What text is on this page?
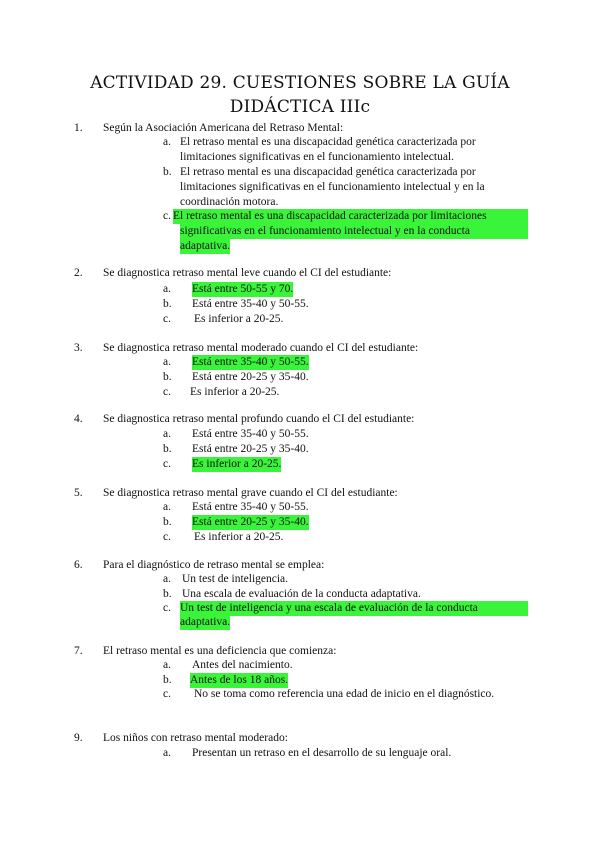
ACTIVIDAD 29. CUESTIONES SOBRE LA GUÍA
DIDÁCTICA IIIc
1. Según la Asociación Americana del Retraso Mental:
a. El retraso mental es una discapacidad genética caracterizada por
limitaciones significativas en el funcionamiento intelectual.
b. El retraso mental es una discapacidad genética caracterizada por
limitaciones significativas en el funcionamiento intelectual y en la
coordinación motora.
c. El retraso mental es una discapacidad caracterizada por limitaciones
significativas en el funcionamiento intelectual y en la conducta
adaptativa.
2. Se diagnostica retraso mental leve cuando el CI del estudiante:
a. Está entre 50-55 y 70.
b. Está entre 35-40 y 50-55.
c. Es inferior a 20-25.
3. Se diagnostica retraso mental moderado cuando el CI del estudiante:
a. Está entre 35-40 y 50-55.
b. Está entre 20-25 y 35-40.
c. Es inferior a 20-25.
4. Se diagnostica retraso mental profundo cuando el CI del estudiante:
a. Está entre 35-40 y 50-55.
b. Está entre 20-25 y 35-40.
c. Es inferior a 20-25.
5. Se diagnostica retraso mental grave cuando el CI del estudiante:
a. Está entre 35-40 y 50-55.
b. Está entre 20-25 y 35-40.
c. Es inferior a 20-25.
6. Para el diagnóstico de retraso mental se emplea:
a. Un test de inteligencia.
b. Una escala de evaluación de la conducta adaptativa.
c. Un test de inteligencia y una escala de evaluación de la conducta
adaptativa.
7. El retraso mental es una deficiencia que comienza:
a. Antes del nacimiento.
b. Antes de los 18 años.
c. No se toma como referencia una edad de inicio en el diagnóstico.
9. Los niños con retraso mental moderado:
a. Presentan un retraso en el desarrollo de su lenguaje oral.
